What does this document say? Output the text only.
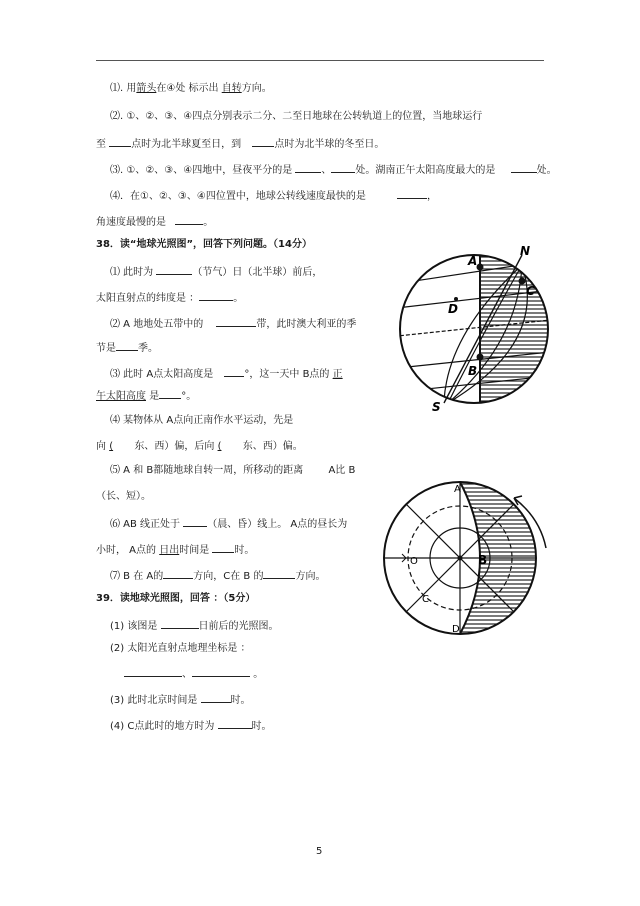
⑴. 用箭头在④处 标示出 自转方向。
⑵. ①、②、③、④四点分别表示二分、二至日地球在公转轨道上的位置，当地球运行
至	点时为北半球夏至日，到	点时为北半球的冬至日。
⑶. ①、②、③、④四地中，昼夜平分的是	、 处。湖南正午太阳高度最大的是	处。
⑷．在①、②、③、④四位置中，地球公转线速度最快的是	，
角速度最慢的是	。
38．读“地球光照图”，回答下列问题。（14分）
⑴ 此时为	（节气）日（北半球）前后，
太阳直射点的纬度是 ：	。
⑵ A 地地处五带中的	带，此时澳大利亚的季
节是 季。
⑶ 此时 A点太阳高度是	°，这一天中 B点的 正
午太阳高度 是 °。
⑷ 某物体从 A点向正南作水平运动，先是
向 ( 东、西）偏，后向 ( 东、西）偏。
⑸ A 和 B都随地球自转一周，所移动的距离	A比 B
（长、短）。
⑹ AB 线正处于	（晨、昏）线上。 A点的昼长为
小时， A点的 日出时间是	时。
⑺ B 在 A的	方向，C在 B 的	方向。
39．读地球光照图，回答 ：（5分）
(1) 该图是	日前后的光照图。
(2) 太阳光直射点地理坐标是 ：
、	。
(3) 此时北京时间是	时。
(4) C点此时的地方时为	时。
N
A
D
C
B
S
A
B
D
O
C
5
